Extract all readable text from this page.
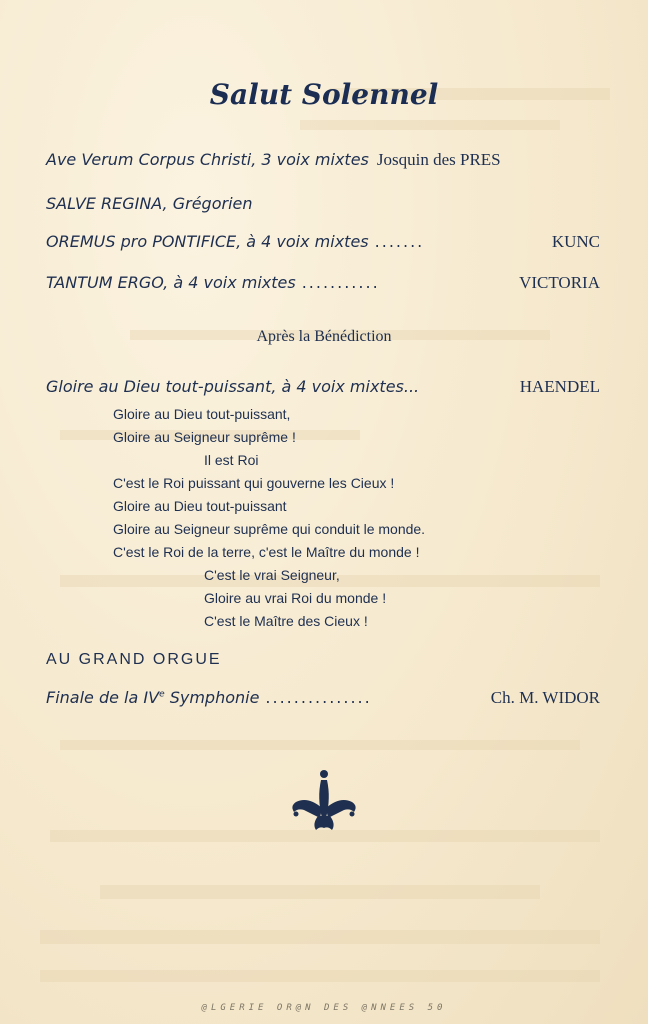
Salut Solennel
Ave Verum Corpus Christi, 3 voix mixtes Josquin des PRES
SALVE REGINA, Grégorien
OREMUS pro PONTIFICE, à 4 voix mixtes .......	KUNC
TANTUM ERGO, à 4 voix mixtes ...........	VICTORIA
Après la Bénédiction
Gloire au Dieu tout-puissant, à 4 voix mixtes...	HAENDEL
Gloire au Dieu tout-puissant,
Gloire au Seigneur suprême !
Il est Roi
C'est le Roi puissant qui gouverne les Cieux !
Gloire au Dieu tout-puissant
Gloire au Seigneur suprême qui conduit le monde.
C'est le Roi de la terre, c'est le Maître du monde !
C'est le vrai Seigneur,
Gloire au vrai Roi du monde !
C'est le Maître des Cieux !
AU GRAND ORGUE
Finale de la IVe Symphonie ...............	Ch. M. WIDOR
@LGERIE OR@N DES @NNEES 50
